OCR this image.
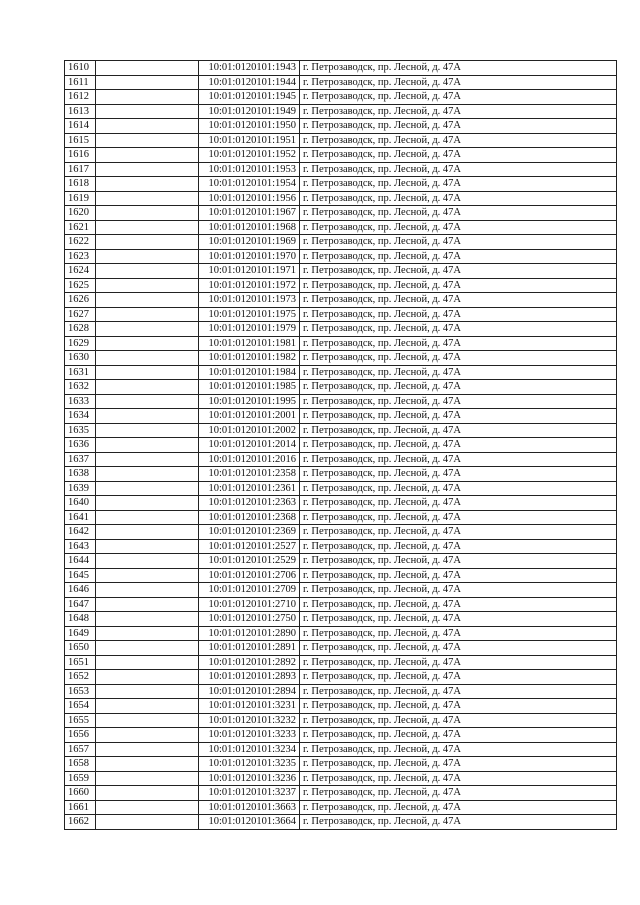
1610		10:01:0120101:1943	г. Петрозаводск, пр. Лесной, д. 47А
1611		10:01:0120101:1944	г. Петрозаводск, пр. Лесной, д. 47А
1612		10:01:0120101:1945	г. Петрозаводск, пр. Лесной, д. 47А
1613		10:01:0120101:1949	г. Петрозаводск, пр. Лесной, д. 47А
1614		10:01:0120101:1950	г. Петрозаводск, пр. Лесной, д. 47А
1615		10:01:0120101:1951	г. Петрозаводск, пр. Лесной, д. 47А
1616		10:01:0120101:1952	г. Петрозаводск, пр. Лесной, д. 47А
1617		10:01:0120101:1953	г. Петрозаводск, пр. Лесной, д. 47А
1618		10:01:0120101:1954	г. Петрозаводск, пр. Лесной, д. 47А
1619		10:01:0120101:1956	г. Петрозаводск, пр. Лесной, д. 47А
1620		10:01:0120101:1967	г. Петрозаводск, пр. Лесной, д. 47А
1621		10:01:0120101:1968	г. Петрозаводск, пр. Лесной, д. 47А
1622		10:01:0120101:1969	г. Петрозаводск, пр. Лесной, д. 47А
1623		10:01:0120101:1970	г. Петрозаводск, пр. Лесной, д. 47А
1624		10:01:0120101:1971	г. Петрозаводск, пр. Лесной, д. 47А
1625		10:01:0120101:1972	г. Петрозаводск, пр. Лесной, д. 47А
1626		10:01:0120101:1973	г. Петрозаводск, пр. Лесной, д. 47А
1627		10:01:0120101:1975	г. Петрозаводск, пр. Лесной, д. 47А
1628		10:01:0120101:1979	г. Петрозаводск, пр. Лесной, д. 47А
1629		10:01:0120101:1981	г. Петрозаводск, пр. Лесной, д. 47А
1630		10:01:0120101:1982	г. Петрозаводск, пр. Лесной, д. 47А
1631		10:01:0120101:1984	г. Петрозаводск, пр. Лесной, д. 47А
1632		10:01:0120101:1985	г. Петрозаводск, пр. Лесной, д. 47А
1633		10:01:0120101:1995	г. Петрозаводск, пр. Лесной, д. 47А
1634		10:01:0120101:2001	г. Петрозаводск, пр. Лесной, д. 47А
1635		10:01:0120101:2002	г. Петрозаводск, пр. Лесной, д. 47А
1636		10:01:0120101:2014	г. Петрозаводск, пр. Лесной, д. 47А
1637		10:01:0120101:2016	г. Петрозаводск, пр. Лесной, д. 47А
1638		10:01:0120101:2358	г. Петрозаводск, пр. Лесной, д. 47А
1639		10:01:0120101:2361	г. Петрозаводск, пр. Лесной, д. 47А
1640		10:01:0120101:2363	г. Петрозаводск, пр. Лесной, д. 47А
1641		10:01:0120101:2368	г. Петрозаводск, пр. Лесной, д. 47А
1642		10:01:0120101:2369	г. Петрозаводск, пр. Лесной, д. 47А
1643		10:01:0120101:2527	г. Петрозаводск, пр. Лесной, д. 47А
1644		10:01:0120101:2529	г. Петрозаводск, пр. Лесной, д. 47А
1645		10:01:0120101:2706	г. Петрозаводск, пр. Лесной, д. 47А
1646		10:01:0120101:2709	г. Петрозаводск, пр. Лесной, д. 47А
1647		10:01:0120101:2710	г. Петрозаводск, пр. Лесной, д. 47А
1648		10:01:0120101:2750	г. Петрозаводск, пр. Лесной, д. 47А
1649		10:01:0120101:2890	г. Петрозаводск, пр. Лесной, д. 47А
1650		10:01:0120101:2891	г. Петрозаводск, пр. Лесной, д. 47А
1651		10:01:0120101:2892	г. Петрозаводск, пр. Лесной, д. 47А
1652		10:01:0120101:2893	г. Петрозаводск, пр. Лесной, д. 47А
1653		10:01:0120101:2894	г. Петрозаводск, пр. Лесной, д. 47А
1654		10:01:0120101:3231	г. Петрозаводск, пр. Лесной, д. 47А
1655		10:01:0120101:3232	г. Петрозаводск, пр. Лесной, д. 47А
1656		10:01:0120101:3233	г. Петрозаводск, пр. Лесной, д. 47А
1657		10:01:0120101:3234	г. Петрозаводск, пр. Лесной, д. 47А
1658		10:01:0120101:3235	г. Петрозаводск, пр. Лесной, д. 47А
1659		10:01:0120101:3236	г. Петрозаводск, пр. Лесной, д. 47А
1660		10:01:0120101:3237	г. Петрозаводск, пр. Лесной, д. 47А
1661		10:01:0120101:3663	г. Петрозаводск, пр. Лесной, д. 47А
1662		10:01:0120101:3664	г. Петрозаводск, пр. Лесной, д. 47А
